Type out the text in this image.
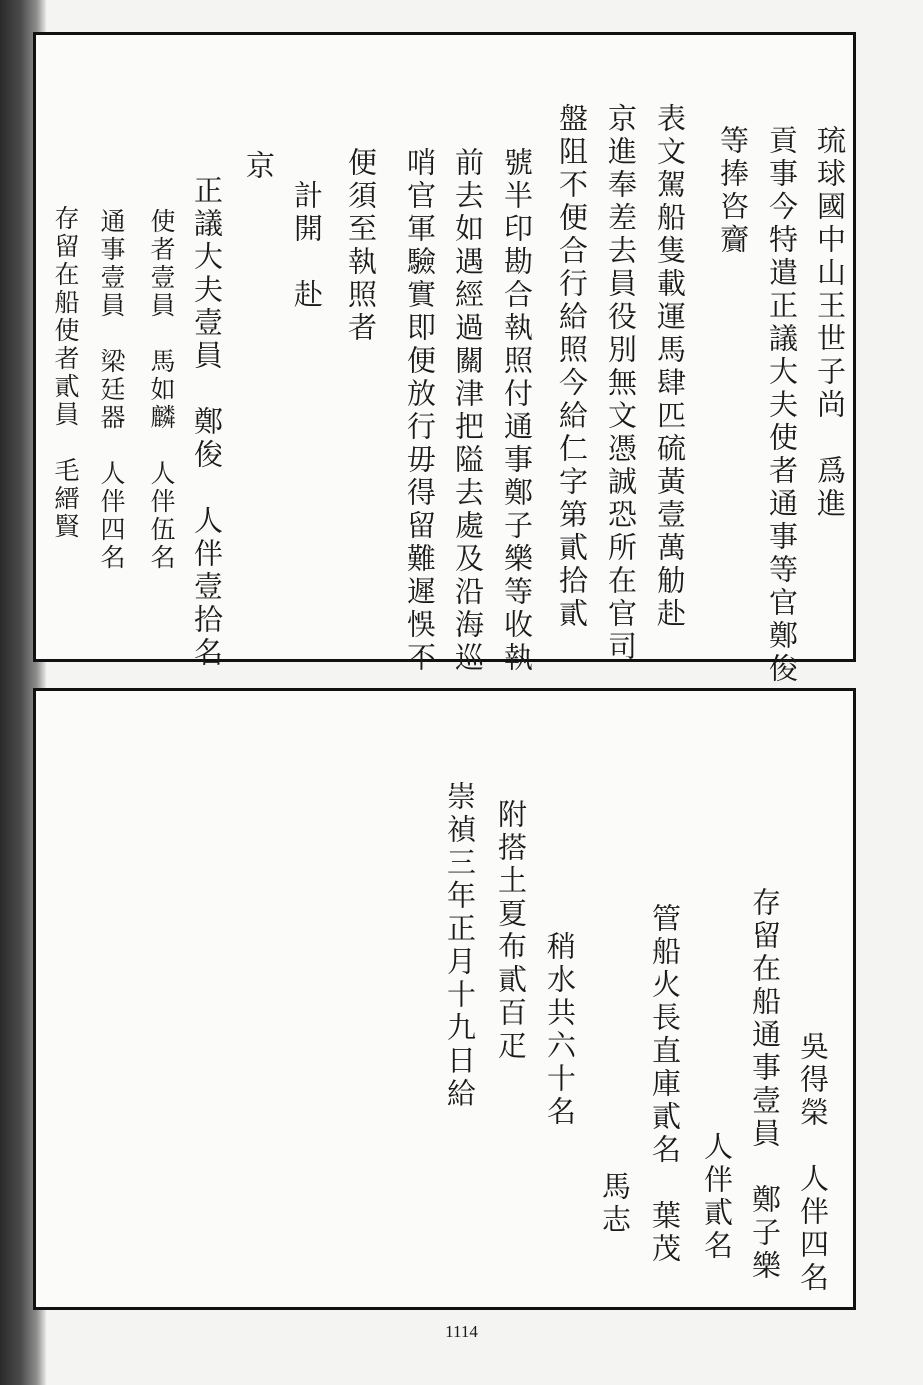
琉球國中山王世子尚　爲進
貢事今特遣正議大夫使者通事等官鄭俊
等捧咨齎
表文駕船隻載運馬肆匹硫黃壹萬觔赴
京進奉差去員役別無文憑誠恐所在官司
盤阻不便合行給照今給仁字第貳拾貳
號半印勘合執照付通事鄭子樂等收執
前去如遇經過關津把隘去處及沿海巡
哨官軍驗實即便放行毋得留難遲悞不
便須至執照者
計開　赴
京
正議大夫壹員　鄭俊　人伴壹拾名
使者壹員　馬如麟　人伴伍名
通事壹員　梁廷器　人伴四名
存留在船使者貳員　毛縉賢
吳得榮　人伴四名
存留在船通事壹員　鄭子樂
人伴貳名
管船火長直庫貳名　葉茂
馬志
稍水共六十名
附搭土夏布貳百疋
崇禎三年正月十九日給
1114
